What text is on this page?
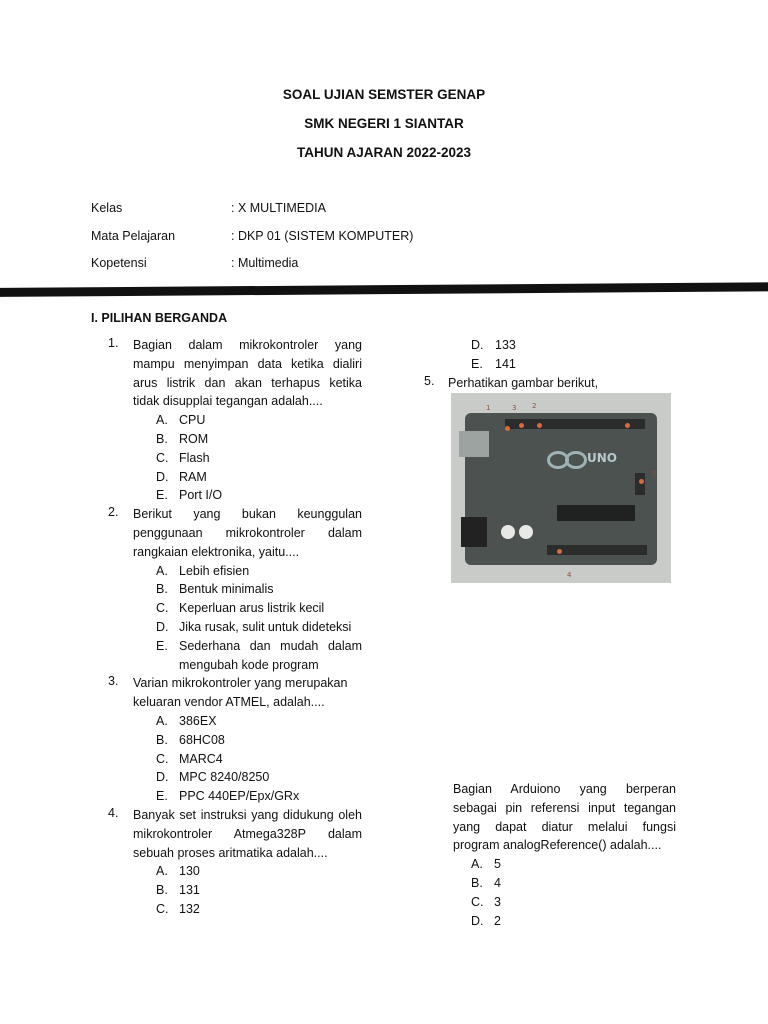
SOAL UJIAN SEMSTER GENAP
SMK NEGERI 1 SIANTAR
TAHUN AJARAN 2022-2023
Kelas	: X MULTIMEDIA
Mata Pelajaran	: DKP 01 (SISTEM KOMPUTER)
Kopetensi	: Multimedia
I. PILIHAN BERGANDA
1. Bagian dalam mikrokontroler yang mampu menyimpan data ketika dialiri arus listrik dan akan terhapus ketika tidak disupplai tegangan adalah....
A. CPU
B. ROM
C. Flash
D. RAM
E. Port I/O
2. Berikut yang bukan keunggulan penggunaan mikrokontroler dalam rangkaian elektronika, yaitu....
A. Lebih efisien
B. Bentuk minimalis
C. Keperluan arus listrik kecil
D. Jika rusak, sulit untuk dideteksi
E. Sederhana dan mudah dalam mengubah kode program
3. Varian mikrokontroler yang merupakan keluaran vendor ATMEL, adalah....
A. 386EX
B. 68HC08
C. MARC4
D. MPC 8240/8250
E. PPC 440EP/Epx/GRx
4. Banyak set instruksi yang didukung oleh mikrokontroler Atmega328P dalam sebuah proses aritmatika adalah....
A. 130
B. 131
C. 132
D. 133
E. 141
5. Perhatikan gambar berikut,
UNO
1	3 2
5
4
Bagian Arduiono yang berperan sebagai pin referensi input tegangan yang dapat diatur melalui fungsi program analogReference() adalah....
A. 5
B. 4
C. 3
D. 2
